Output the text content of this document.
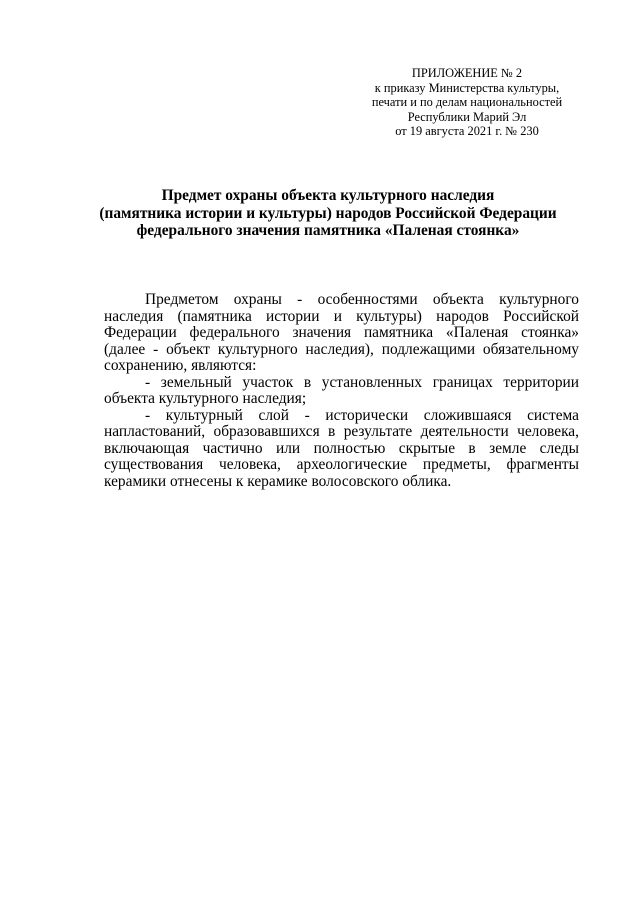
ПРИЛОЖЕНИЕ № 2
к приказу Министерства культуры,
печати и по делам национальностей
Республики Марий Эл
от 19 августа 2021 г. № 230
Предмет охраны объекта культурного наследия
(памятника истории и культуры) народов Российской Федерации
федерального значения памятника «Паленая стоянка»

Предметом охраны - особенностями объекта культурного наследия (памятника истории и культуры) народов Российской Федерации федерального значения памятника «Паленая стоянка» (далее - объект культурного наследия), подлежащими обязательному сохранению, являются:

- земельный участок в установленных границах территории объекта культурного наследия;

- культурный слой - исторически сложившаяся система напластований, образовавшихся в результате деятельности человека, включающая частично или полностью скрытые в земле следы существования человека, археологические предметы, фрагменты керамики отнесены к керамике волосовского облика.
